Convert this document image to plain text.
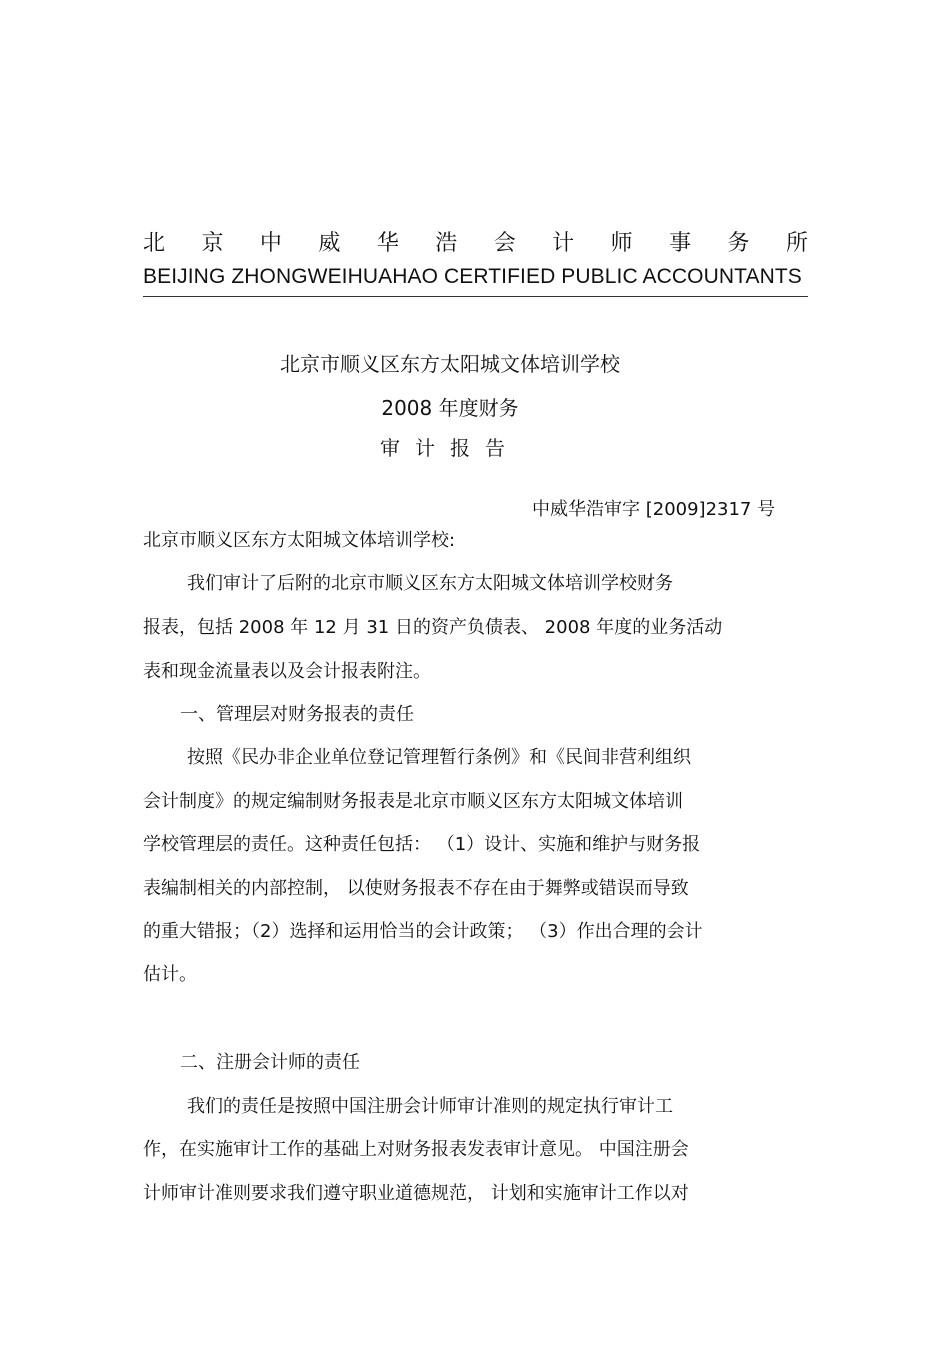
北 京 中 威 华 浩 会 计 师 事 务 所
BEIJING ZHONGWEIHUAHAO CERTIFIED PUBLIC ACCOUNTANTS
北京市顺义区东方太阳城文体培训学校
2008 年度财务
审计报告
中威华浩审字 [2009]2317 号
北京市顺义区东方太阳城文体培训学校:
我们审计了后附的北京市顺义区东方太阳城文体培训学校财务
报表，包括 2008 年 12 月 31 日的资产负债表、 2008 年度的业务活动
表和现金流量表以及会计报表附注。
一、管理层对财务报表的责任
按照《民办非企业单位登记管理暂行条例》和《民间非营利组织
会计制度》的规定编制财务报表是北京市顺义区东方太阳城文体培训
学校管理层的责任。这种责任包括： （1）设计、实施和维护与财务报
表编制相关的内部控制， 以使财务报表不存在由于舞弊或错误而导致
的重大错报；（2）选择和运用恰当的会计政策； （3）作出合理的会计
估计。
二、注册会计师的责任
我们的责任是按照中国注册会计师审计准则的规定执行审计工
作，在实施审计工作的基础上对财务报表发表审计意见。 中国注册会
计师审计准则要求我们遵守职业道德规范， 计划和实施审计工作以对
